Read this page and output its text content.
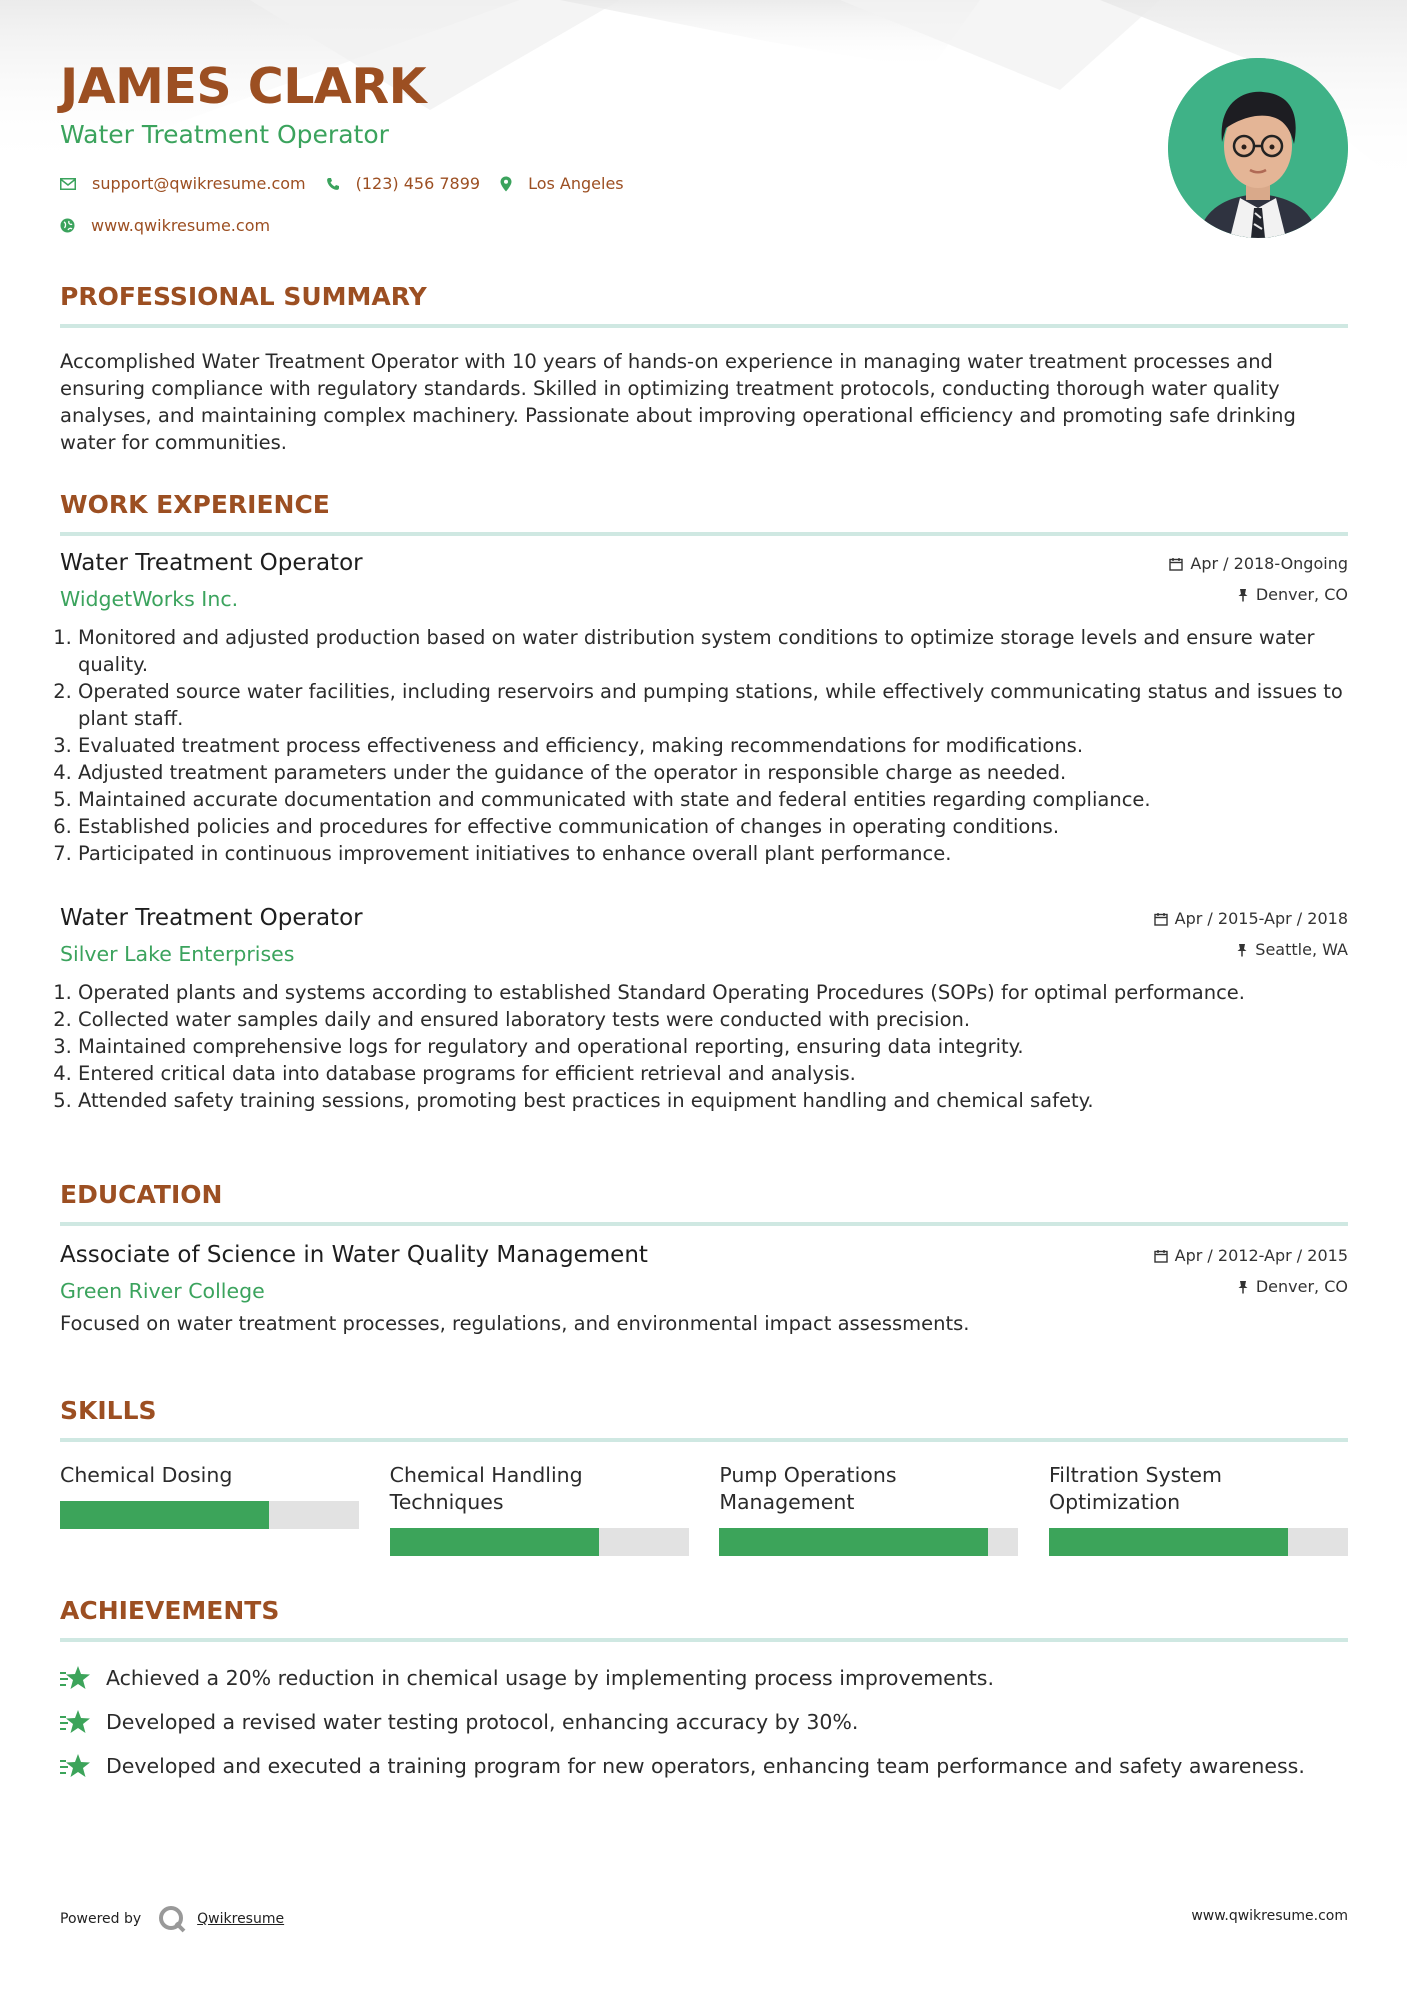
JAMES CLARK
Water Treatment Operator
support@qwikresume.com	(123) 456 7899	Los Angeles
www.qwikresume.com
PROFESSIONAL SUMMARY

Accomplished Water Treatment Operator with 10 years of hands-on experience in managing water treatment processes and ensuring compliance with regulatory standards. Skilled in optimizing treatment protocols, conducting thorough water quality analyses, and maintaining complex machinery. Passionate about improving operational efficiency and promoting safe drinking water for communities.

WORK EXPERIENCE
Water Treatment Operator
WidgetWorks Inc.
Apr / 2018-Ongoing
Denver, CO
1. Monitored and adjusted production based on water distribution system conditions to optimize storage levels and ensure water quality.
2. Operated source water facilities, including reservoirs and pumping stations, while effectively communicating status and issues to plant staff.
3. Evaluated treatment process effectiveness and efficiency, making recommendations for modifications.
4. Adjusted treatment parameters under the guidance of the operator in responsible charge as needed.
5. Maintained accurate documentation and communicated with state and federal entities regarding compliance.
6. Established policies and procedures for effective communication of changes in operating conditions.
7. Participated in continuous improvement initiatives to enhance overall plant performance.
Water Treatment Operator
Silver Lake Enterprises
Apr / 2015-Apr / 2018
Seattle, WA
1. Operated plants and systems according to established Standard Operating Procedures (SOPs) for optimal performance.
2. Collected water samples daily and ensured laboratory tests were conducted with precision.
3. Maintained comprehensive logs for regulatory and operational reporting, ensuring data integrity.
4. Entered critical data into database programs for efficient retrieval and analysis.
5. Attended safety training sessions, promoting best practices in equipment handling and chemical safety.
EDUCATION
Associate of Science in Water Quality Management
Green River College
Apr / 2012-Apr / 2015
Denver, CO

Focused on water treatment processes, regulations, and environmental impact assessments.

SKILLS
Chemical Dosing	Chemical Handling Techniques
Pump Operations Management
Filtration System Optimization
ACHIEVEMENTS
Achieved a 20% reduction in chemical usage by implementing process improvements.
Developed a revised water testing protocol, enhancing accuracy by 30%.
Developed and executed a training program for new operators, enhancing team performance and safety awareness.
Powered by	Qwikresume	www.qwikresume.com
